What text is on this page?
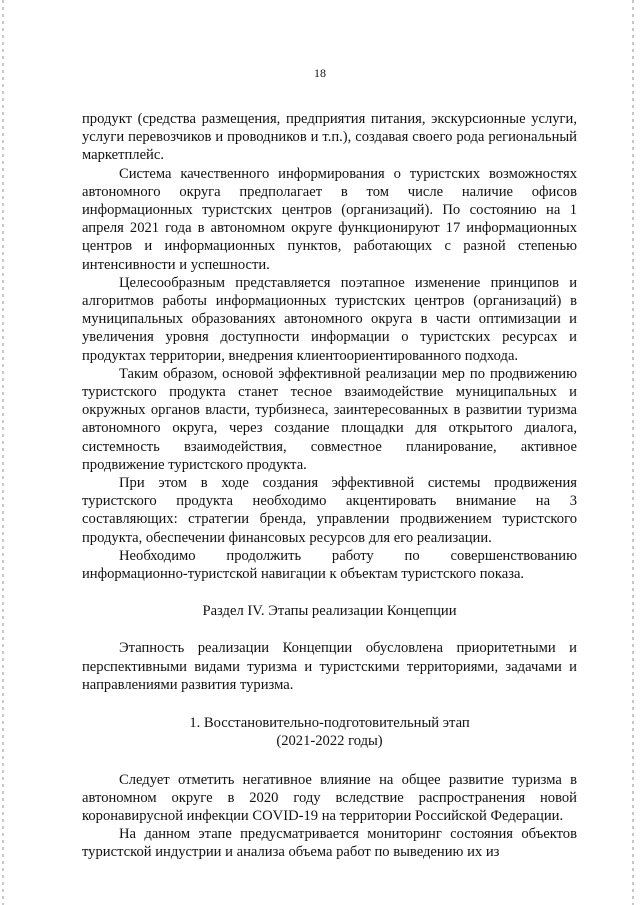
18

продукт (средства размещения, предприятия питания, экскурсионные услуги, услуги перевозчиков и проводников и т.п.), создавая своего рода региональный маркетплейс.

Система качественного информирования о туристских возможностях автономного округа предполагает в том числе наличие офисов информационных туристских центров (организаций). По состоянию на 1 апреля 2021 года в автономном округе функционируют 17 информационных центров и информационных пунктов, работающих с разной степенью интенсивности и успешности.

Целесообразным представляется поэтапное изменение принципов и алгоритмов работы информационных туристских центров (организаций) в муниципальных образованиях автономного округа в части оптимизации и увеличения уровня доступности информации о туристских ресурсах и продуктах территории, внедрения клиентоориентированного подхода.

Таким образом, основой эффективной реализации мер по продвижению туристского продукта станет тесное взаимодействие муниципальных и окружных органов власти, турбизнеса, заинтересованных в развитии туризма автономного округа, через создание площадки для открытого диалога, системность взаимодействия, совместное планирование, активное продвижение туристского продукта.

При этом в ходе создания эффективной системы продвижения туристского продукта необходимо акцентировать внимание на 3 составляющих: стратегии бренда, управлении продвижением туристского продукта, обеспечении финансовых ресурсов для его реализации.

Необходимо продолжить работу по совершенствованию информационно-туристской навигации к объектам туристского показа.

Раздел IV. Этапы реализации Концепции

Этапность реализации Концепции обусловлена приоритетными и перспективными видами туризма и туристскими территориями, задачами и направлениями развития туризма.

1. Восстановительно-подготовительный этап
(2021-2022 годы)

Следует отметить негативное влияние на общее развитие туризма в автономном округе в 2020 году вследствие распространения новой коронавирусной инфекции COVID-19 на территории Российской Федерации.

На данном этапе предусматривается мониторинг состояния объектов туристской индустрии и анализа объема работ по выведению их из
